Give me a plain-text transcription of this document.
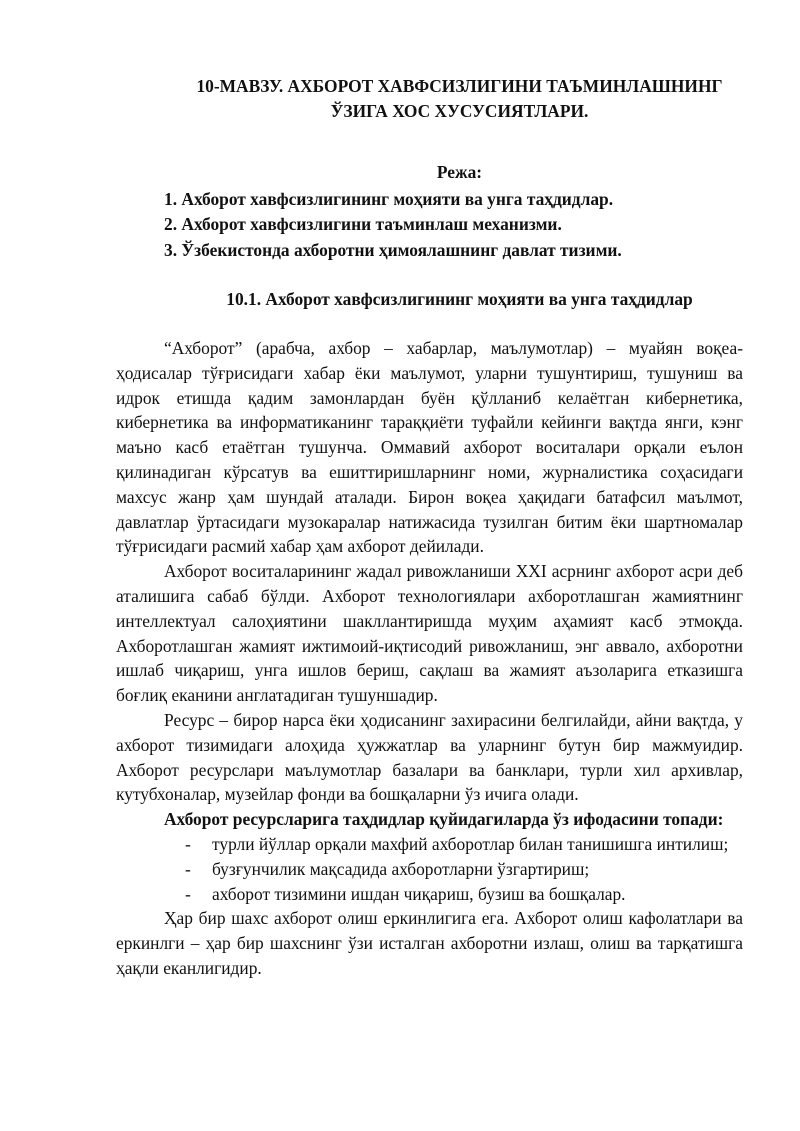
10-МАВЗУ. АХБОРОТ ХАВФСИЗЛИГИНИ ТАЪМИНЛАШНИНГ
ЎЗИГА ХОС ХУСУСИЯТЛАРИ.
Режа:
1. Ахборот хавфсизлигининг моҳияти ва унга таҳдидлар.
2. Ахборот хавфсизлигини таъминлаш механизми.
3. Ўзбекистонда ахборотни ҳимоялашнинг давлат тизими.
10.1. Ахборот хавфсизлигининг моҳияти ва унга таҳдидлар

“Ахборот” (арабча, ахбор – хабарлар, маълумотлар) – муайян воқеа-ҳодисалар тўғрисидаги хабар ёки маълумот, уларни тушунтириш, тушуниш ва идрок етишда қадим замонлардан буён қўлланиб келаётган кибернетика, кибернетика ва информатиканинг тараққиёти туфайли кейинги вақтда янги, кэнг маъно касб етаётган тушунча. Оммавий ахборот воситалари орқали еълон қилинадиган кўрсатув ва ешиттиришларнинг номи, журналистика соҳасидаги махсус жанр ҳам шундай аталади. Бирон воқеа ҳақидаги батафсил маълмот, давлатлар ўртасидаги музокаралар натижасида тузилган битим ёки шартномалар тўғрисидаги расмий хабар ҳам ахборот дейилади.

Ахборот воситаларининг жадал ривожланиши XXI асрнинг ахборот асри деб аталишига сабаб бўлди. Ахборот технологиялари ахборотлашган жамиятнинг интеллектуал салоҳиятини шакллантиришда муҳим аҳамият касб этмоқда. Ахборотлашган жамият ижтимоий-иқтисодий ривожланиш, энг аввало, ахборотни ишлаб чиқариш, унга ишлов бериш, сақлаш ва жамият аъзоларига етказишга боғлиқ еканини англатадиган тушуншадир.

Ресурс – бирор нарса ёки ҳодисанинг захирасини белгилайди, айни вақтда, у ахборот тизимидаги алоҳида ҳужжатлар ва уларнинг бутун бир мажмуидир. Ахборот ресурслари маълумотлар базалари ва банклари, турли хил архивлар, кутубхоналар, музейлар фонди ва бошқаларни ўз ичига олади.

Ахборот ресурсларига таҳдидлар қуйидагиларда ўз ифодасини топади:

- турли йўллар орқали махфий ахборотлар билан танишишга интилиш;
- бузғунчилик мақсадида ахборотларни ўзгартириш;
- ахборот тизимини ишдан чиқариш, бузиш ва бошқалар.

Ҳар бир шахс ахборот олиш еркинлигига ега. Ахборот олиш кафолатлари ва еркинлги – ҳар бир шахснинг ўзи исталган ахборотни излаш, олиш ва тарқатишга ҳақли еканлигидир.
